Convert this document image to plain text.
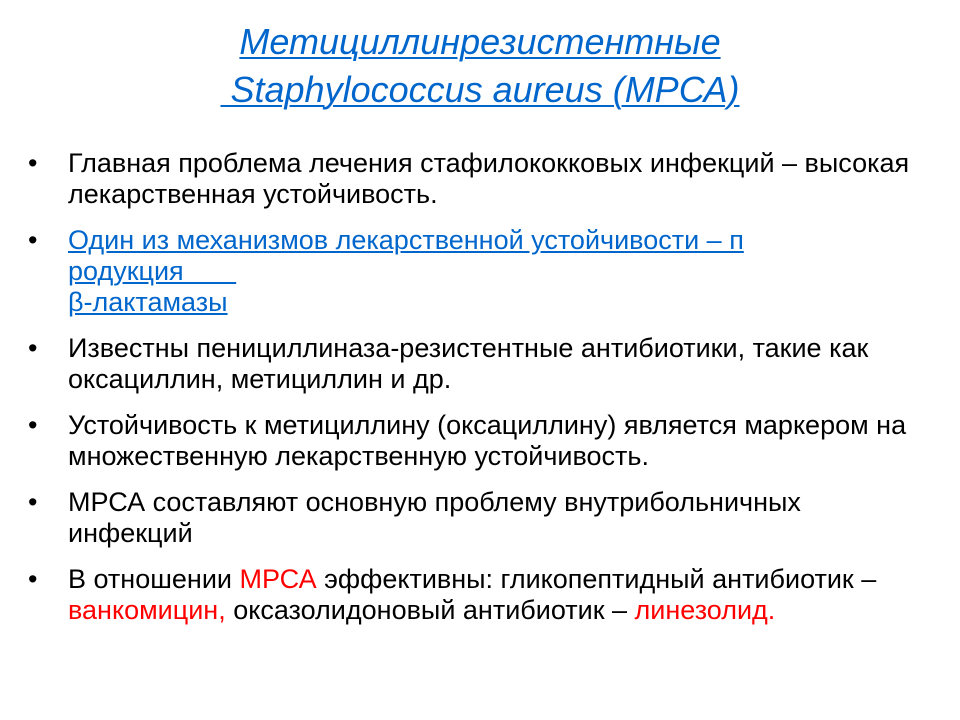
Метициллинрезистентные
Staphylococcus aureus (МРСА)
•	Главная проблема лечения стафилококковых инфекций – высокая лекарственная устойчивость.
•	Один из механизмов лекарственной устойчивости – п
родукция
β-лактамазы
•	Известны пенициллиназа-резистентные антибиотики, такие как оксациллин, метициллин и др.
•	Устойчивость к метициллину (оксациллину) является маркером на множественную лекарственную устойчивость.
•	МРСА составляют основную проблему внутрибольничных инфекций
•	В отношении МРСА эффективны: гликопептидный антибиотик – ванкомицин, оксазолидоновый антибиотик – линезолид.
